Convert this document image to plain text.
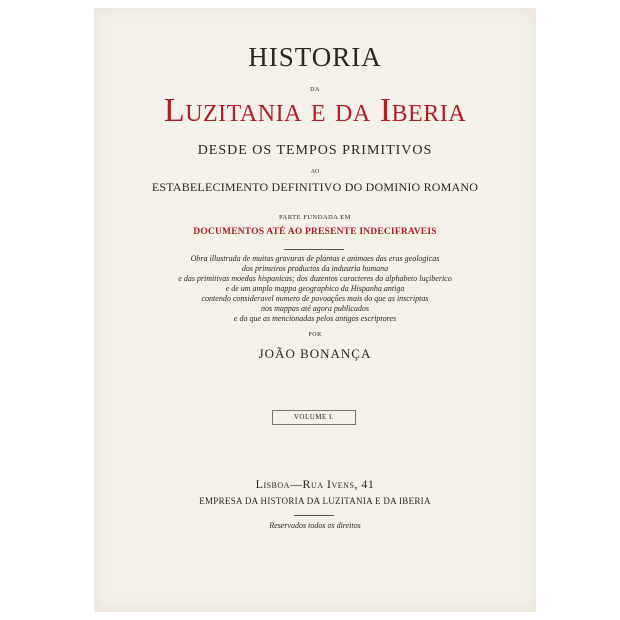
HISTORIA
DA
Luzitania e da Iberia
DESDE OS TEMPOS PRIMITIVOS
AO
ESTABELECIMENTO DEFINITIVO DO DOMINIO ROMANO
PARTE FUNDADA EM
DOCUMENTOS ATÉ AO PRESENTE INDECIFRAVEIS
Obra illustrada de muitas gravuras de plantas e animaes das eras geologicas
dos primeiros productos da industria humana
e das primitivas moedas hispanicas; dos duzentos caracteres do alphabeto luçiberico
e de um amplo mappa geographico da Hispanha antiga
contendo consideravel numero de povoações mais do que as inscriptas
nos mappas até agora publicados
e do que as mencionadas pelos antigos escriptores
POR
JOÃO BONANÇA
VOLUME I.
Lisboa—Rua Ivens, 41
EMPRESA DA HISTORIA DA LUZITANIA E DA IBERIA
Reservados todos os direitos
